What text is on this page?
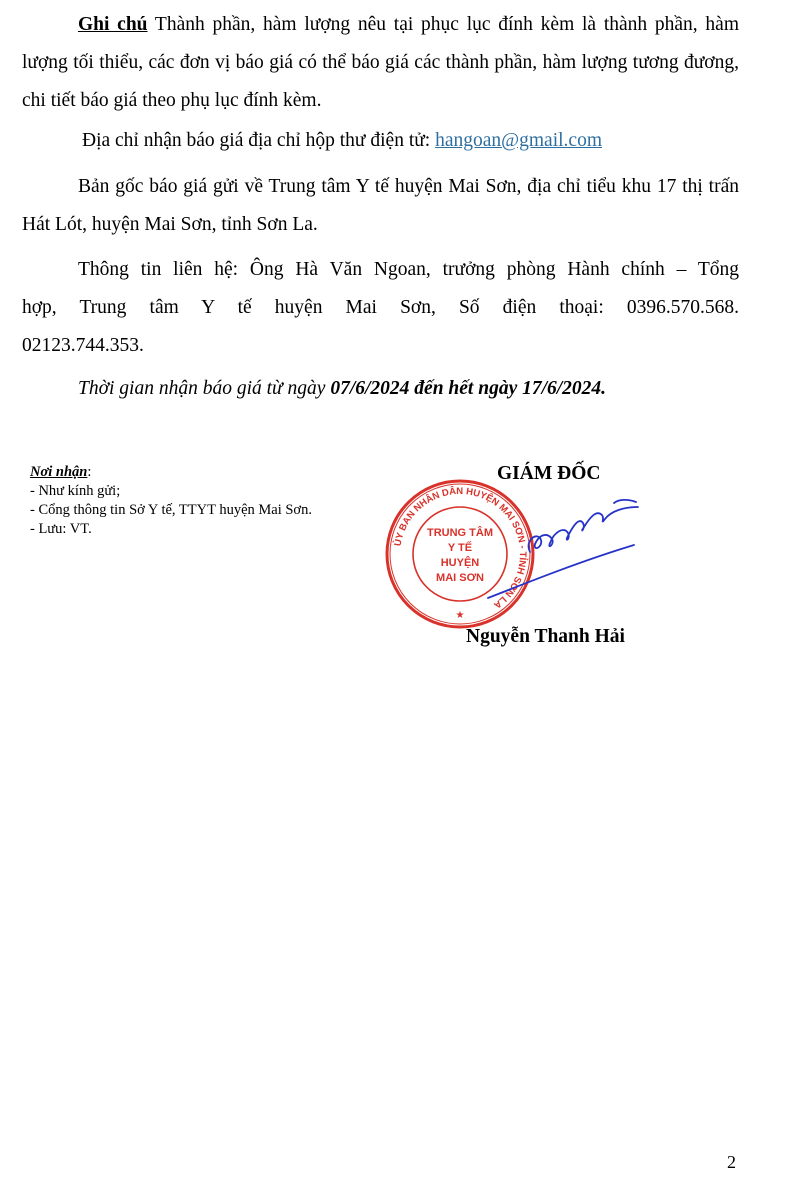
Ghi chú Thành phần, hàm lượng nêu tại phục lục đính kèm là thành phần, hàm lượng tối thiểu, các đơn vị báo giá có thể báo giá các thành phần, hàm lượng tương đương, chi tiết báo giá theo phụ lục đính kèm.
Địa chỉ nhận báo giá địa chỉ hộp thư điện tử: hangoan@gmail.com
Bản gốc báo giá gửi về Trung tâm Y tế huyện Mai Sơn, địa chỉ tiểu khu 17 thị trấn Hát Lót, huyện Mai Sơn, tỉnh Sơn La.
Thông tin liên hệ: Ông Hà Văn Ngoan, trưởng phòng Hành chính – Tổng
hợp, Trung tâm Y tế huyện Mai Sơn, Số điện thoại: 0396.570.568.
02123.744.353.
Thời gian nhận báo giá từ ngày 07/6/2024 đến hết ngày 17/6/2024.
Nơi nhận:
- Như kính gửi;
- Cổng thông tin Sở Y tế, TTYT huyện Mai Sơn.
- Lưu: VT.
GIÁM ĐỐC
ỦY BAN NHÂN DÂN HUYỆN MAI SƠN - TỈNH SƠN LA
TRUNG TÂM
Y TẾ
HUYỆN
MAI SƠN
★
Nguyễn Thanh Hải
2
